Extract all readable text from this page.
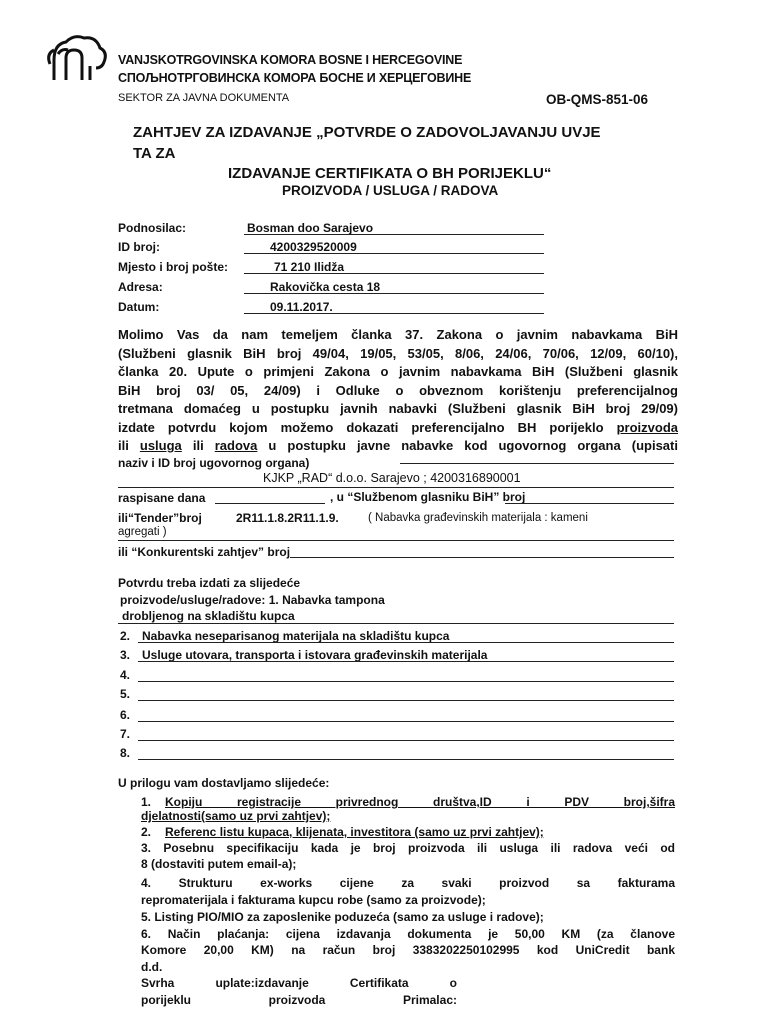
VANJSKOTRGOVINSKA KOMORA BOSNE I HERCEGOVINE
СПОЉНОТРГОВИНСКА КОМОРА БОСНЕ И ХЕРЦЕГОВИНЕ
SEKTOR ZA JAVNA DOKUMENTA	OB-QMS-851-06
ZAHTJEV ZA IZDAVANJE „POTVRDE O ZADOVOLJAVANJU UVJE
TA ZA
IZDAVANJE CERTIFIKATA O BH PORIJEKLU“
PROIZVODA / USLUGA / RADOVA
Podnosilac:	Bosman doo Sarajevo
ID broj:	4200329520009
Mjesto i broj pošte:	71 210 Ilidža
Adresa:	Rakovička cesta 18
Datum:	09.11.2017.
Molimo Vas da nam temeljem članka 37. Zakona o javnim nabavkama BiH
(Službeni glasnik BiH broj 49/04, 19/05, 53/05, 8/06, 24/06, 70/06, 12/09, 60/10),
članka 20. Upute o primjeni Zakona o javnim nabavkama BiH (Službeni glasnik
BiH broj 03/ 05, 24/09) i Odluke o obveznom korištenju preferencijalnog
tretmana domaćeg u postupku javnih nabavki (Službeni glasnik BiH broj 29/09)
izdate potvrdu kojom možemo dokazati preferencijalno BH porijeklo proizvoda
ili usluga ili radova u postupku javne nabavke kod ugovornog organa (upisati
naziv i ID broj ugovornog organa)
KJKP „RAD“ d.o.o. Sarajevo ; 4200316890001
raspisane dana	, u “Službenom glasniku BiH” broj
ili“Tender”broj	2R11.1.8.2R11.1.9.	( Nabavka građevinskih materijala : kameni
agregati )
ili “Konkurentski zahtjev” broj
Potvrdu treba izdati za slijedeće
proizvode/usluge/radove: 1. Nabavka tampona
drobljenog na skladištu kupca
2. Nabavka neseparisanog materijala na skladištu kupca
3. Usluge utovara, transporta i istovara građevinskih materijala
4.
5.
6.
7.
8.
U prilogu vam dostavljamo slijedeće:
1. Kopiju registracije privrednog društva,ID i PDV broj,šifra
djelatnosti(samo uz prvi zahtjev);
2. Referenc listu kupaca, klijenata, investitora (samo uz prvi zahtjev);
3. Posebnu specifikaciju kada je broj proizvoda ili usluga ili radova veći od
8 (dostaviti putem email-a);
4. Strukturu ex-works cijene za svaki proizvod sa fakturama
repromaterijala i fakturama kupcu robe (samo za proizvode);
5. Listing PIO/MIO za zaposlenike poduzeća (samo za usluge i radove);
6. Način plaćanja: cijena izdavanja dokumenta je 50,00 KM (za članove
Komore 20,00 KM) na račun broj 3383202250102995 kod UniCredit bank
d.d.
Svrha uplate:izdavanje Certifikata o
porijeklu proizvoda Primalac:
